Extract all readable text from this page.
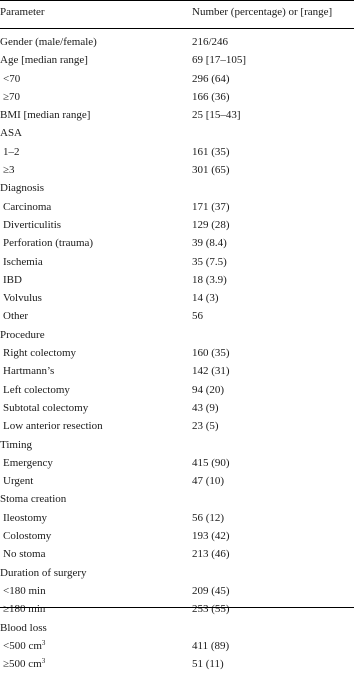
Parameter	Number (percentage) or [range]
Gender (male/female)	216/246
Age [median range]	69 [17–105]
<70	296 (64)
≥70	166 (36)
BMI [median range]	25 [15–43]
ASA
1–2	161 (35)
≥3	301 (65)
Diagnosis
Carcinoma	171 (37)
Diverticulitis	129 (28)
Perforation (trauma)	39 (8.4)
Ischemia	35 (7.5)
IBD	18 (3.9)
Volvulus	14 (3)
Other	56
Procedure
Right colectomy	160 (35)
Hartmann’s	142 (31)
Left colectomy	94 (20)
Subtotal colectomy	43 (9)
Low anterior resection	23 (5)
Timing
Emergency	415 (90)
Urgent	47 (10)
Stoma creation
Ileostomy	56 (12)
Colostomy	193 (42)
No stoma	213 (46)
Duration of surgery
<180 min	209 (45)
≥180 min	253 (55)
Blood loss
<500 $cm^3$	411 (89)
≥500 $cm^3$	51 (11)
